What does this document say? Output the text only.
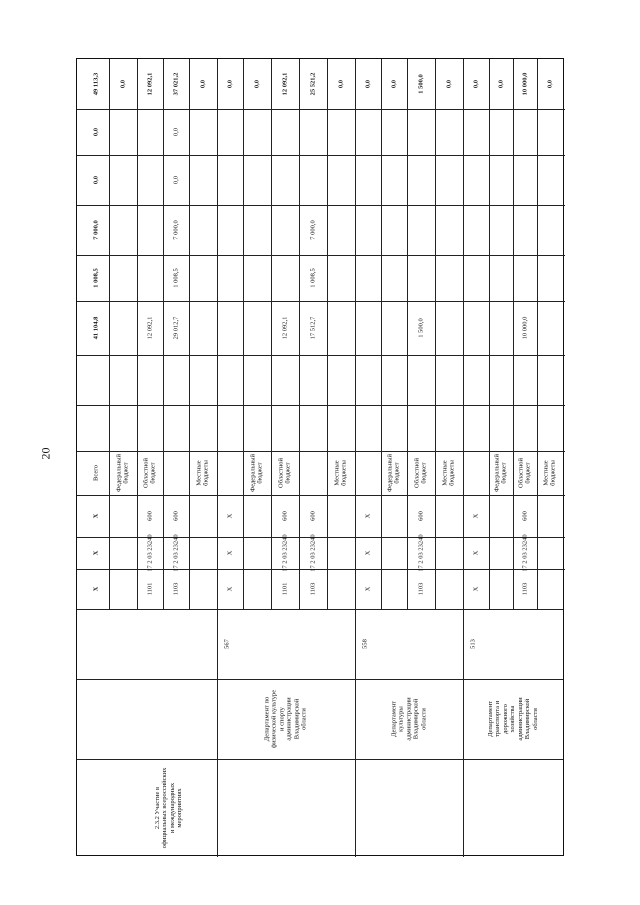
20
49 113,3
0,0
0,0
7 000,0
1 008,5
41 104,8
Всего
Х
Х
Х
0,0
Федеральный
бюджет
12 092,1
12 092,1
Областной
бюджет
600
17 2 03 23240
1101
37 021,2
0,0
0,0
7 000,0
1 008,5
29 012,7
600
17 2 03 23240
1103
0,0
Местные
бюджеты
0,0
Х
Х
Х
0,0
Федеральный
бюджет
12 092,1
12 092,1
Областной
бюджет
600
17 2 03 23240
1101
25 521,2
7 000,0
1 008,5
17 512,7
600
17 2 03 23240
1103
0,0
Местные
бюджеты
0,0
Х
Х
Х
0,0
Федеральный
бюджет
1 500,0
1 500,0
Областной
бюджет
600
17 2 03 23240
1103
0,0
Местные
бюджеты
0,0
Х
Х
Х
0,0
Федеральный
бюджет
10 000,0
10 000,0
Областной
бюджет
600
17 2 03 23240
1103
0,0
Местные
бюджеты
567
Департамент по
физической культуре
и спорту
администрации
Владимирской
области
558
Департамент
культуры
администрации
Владимирской
области
513
Департамент
транспорта и
дорожного хозяйства
администрации
Владимирской
области
2.3.2 Участие в
официальных всероссийских
и международных
мероприятиях
